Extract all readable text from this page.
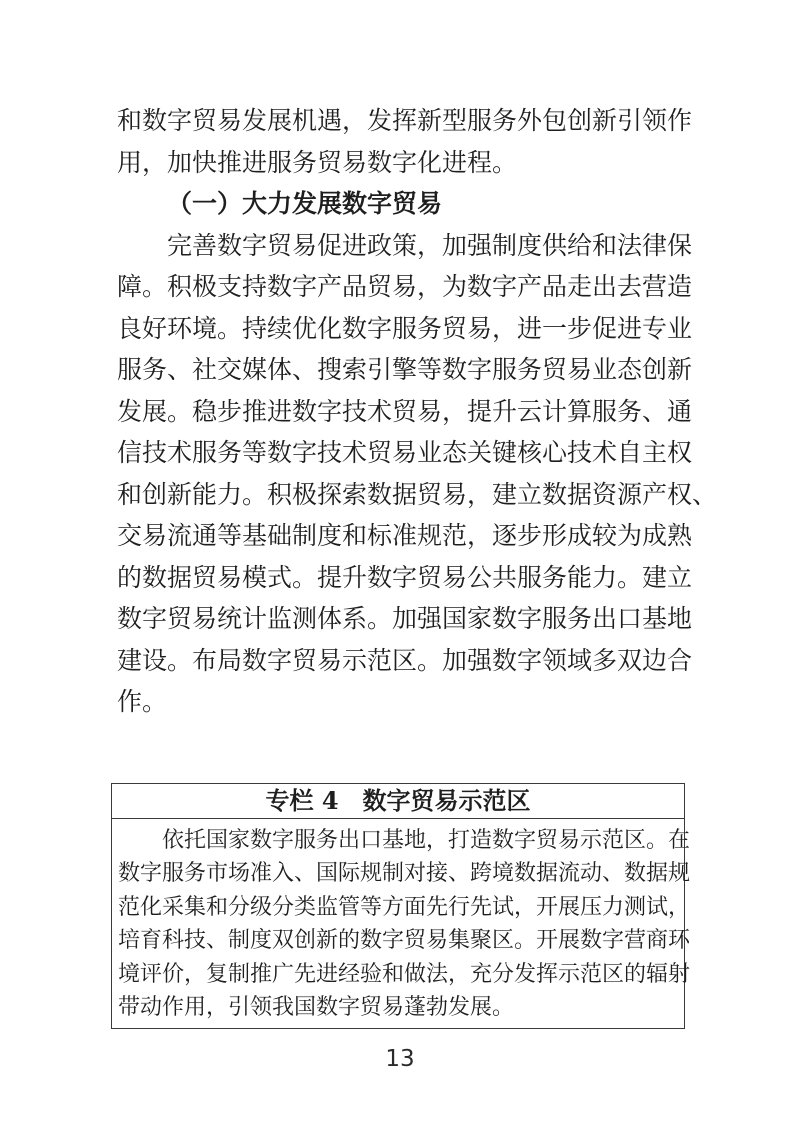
和数字贸易发展机遇，发挥新型服务外包创新引领作
用，加快推进服务贸易数字化进程。
（一）大力发展数字贸易
完善数字贸易促进政策，加强制度供给和法律保
障。积极支持数字产品贸易，为数字产品走出去营造
良好环境。持续优化数字服务贸易，进一步促进专业
服务、社交媒体、搜索引擎等数字服务贸易业态创新
发展。稳步推进数字技术贸易，提升云计算服务、通
信技术服务等数字技术贸易业态关键核心技术自主权
和创新能力。积极探索数据贸易，建立数据资源产权、
交易流通等基础制度和标准规范，逐步形成较为成熟
的数据贸易模式。提升数字贸易公共服务能力。建立
数字贸易统计监测体系。加强国家数字服务出口基地
建设。布局数字贸易示范区。加强数字领域多双边合
作。
专栏 4　数字贸易示范区
依托国家数字服务出口基地，打造数字贸易示范区。在
数字服务市场准入、国际规制对接、跨境数据流动、数据规
范化采集和分级分类监管等方面先行先试，开展压力测试，
培育科技、制度双创新的数字贸易集聚区。开展数字营商环
境评价，复制推广先进经验和做法，充分发挥示范区的辐射
带动作用，引领我国数字贸易蓬勃发展。
13
